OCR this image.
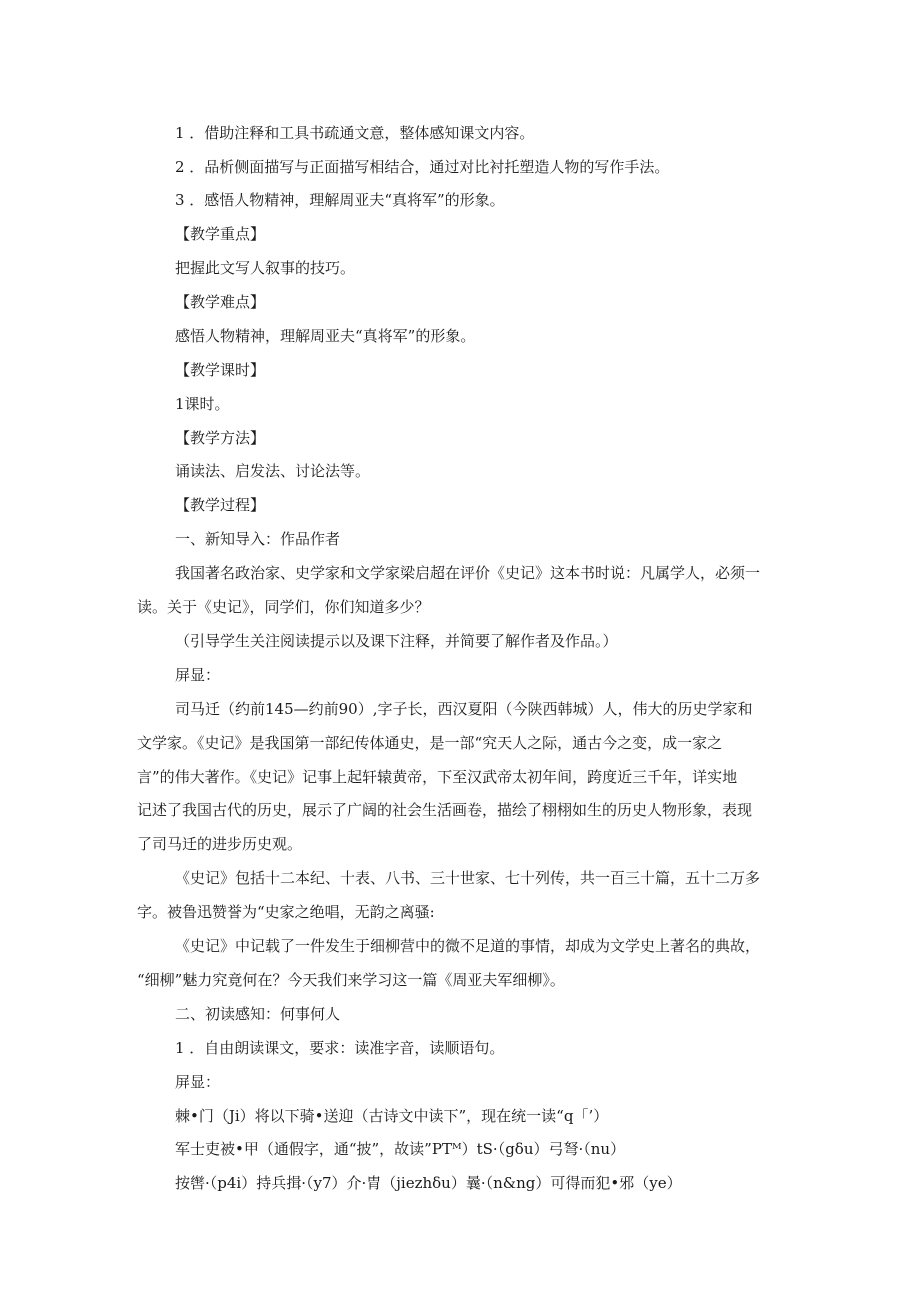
1 ．借助注释和工具书疏通文意，整体感知课文内容。
2 ．品析侧面描写与正面描写相结合，通过对比衬托塑造人物的写作手法。
3 ．感悟人物精神，理解周亚夫“真将军”的形象。
【教学重点】
把握此文写人叙事的技巧。
【教学难点】
感悟人物精神，理解周亚夫“真将军”的形象。
【教学课时】
1课时。
【教学方法】
诵读法、启发法、讨论法等。
【教学过程】
一、新知导入：作品作者
我国著名政治家、史学家和文学家梁启超在评价《史记》这本书时说：凡属学人，必须一
读。关于《史记》，同学们，你们知道多少？
（引导学生关注阅读提示以及课下注释，并简要了解作者及作品。）
屏显：
司马迁（约前145—约前90）,字子长，西汉夏阳（今陕西韩城）人，伟大的历史学家和
文学家。《史记》是我国第一部纪传体通史，是一部“究天人之际，通古今之变，成一家之
言”的伟大著作。《史记》记事上起轩辕黄帝，下至汉武帝太初年间，跨度近三千年，详实地
记述了我国古代的历史，展示了广阔的社会生活画卷，描绘了栩栩如生的历史人物形象，表现
了司马迁的进步历史观。
《史记》包括十二本纪、十表、八书、三十世家、七十列传，共一百三十篇，五十二万多
字。被鲁迅赞誉为“史家之绝唱，无韵之离骚:
《史记》中记载了一件发生于细柳营中的微不足道的事情，却成为文学史上著名的典故，
“细柳”魅力究竟何在？今天我们来学习这一篇《周亚夫军细柳》。
二、初读感知：何事何人
1 ．自由朗读课文，要求：读准字音，读顺语句。
屏显：
棘•门（Ji）将以下骑•送迎（古诗文中读下”，现在统一读“q「’）
军士吏被•甲（通假字，通“披”，故读”PTᴹ）tS·（gδu）弓弩·（nu）
按辔·（p4i）持兵揖·（y7）介·胄（jiezhδu）曩·（n&ng）可得而犯•邪（ye）
